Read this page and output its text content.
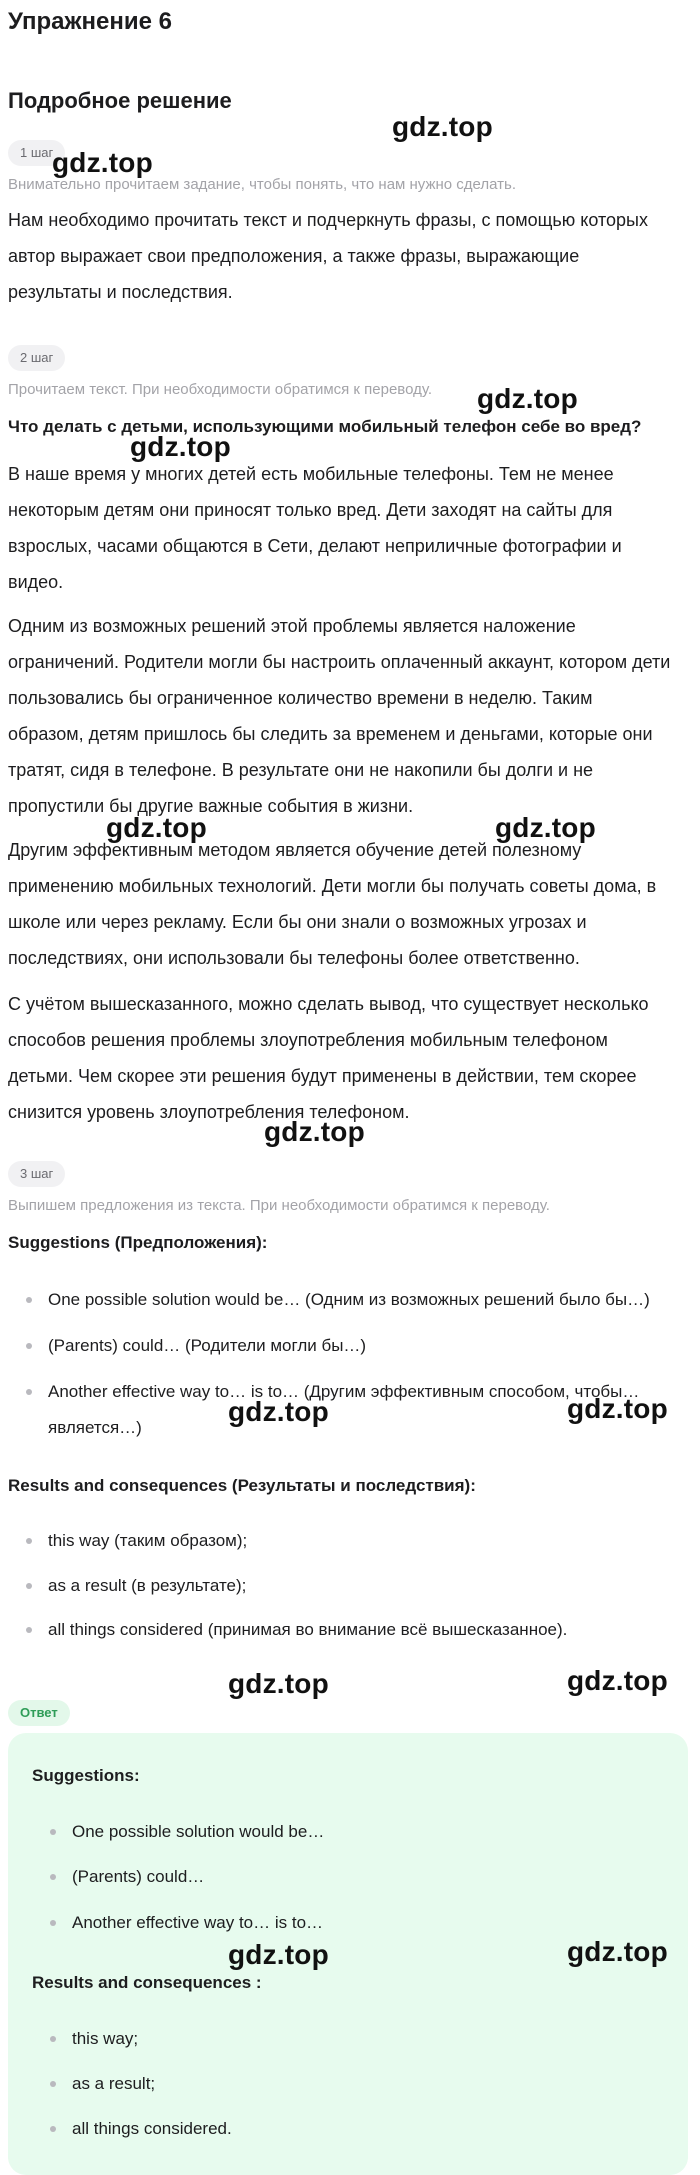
Упражнение 6
Подробное решение
1 шаг
Внимательно прочитаем задание, чтобы понять, что нам нужно сделать.

Нам необходимо прочитать текст и подчеркнуть фразы, с помощью которых автор выражает свои предположения, а также фразы, выражающие результаты и последствия.

2 шаг
Прочитаем текст. При необходимости обратимся к переводу.
Что делать с детьми, использующими мобильный телефон себе во вред?

В наше время у многих детей есть мобильные телефоны. Тем не менее некоторым детям они приносят только вред. Дети заходят на сайты для взрослых, часами общаются в Сети, делают неприличные фотографии и видео.

Одним из возможных решений этой проблемы является наложение ограничений. Родители могли бы настроить оплаченный аккаунт, котором дети пользовались бы ограниченное количество времени в неделю. Таким образом, детям пришлось бы следить за временем и деньгами, которые они тратят, сидя в телефоне. В результате они не накопили бы долги и не пропустили бы другие важные события в жизни.

Другим эффективным методом является обучение детей полезному применению мобильных технологий. Дети могли бы получать советы дома, в школе или через рекламу. Если бы они знали о возможных угрозах и последствиях, они использовали бы телефоны более ответственно.

С учётом вышесказанного, можно сделать вывод, что существует несколько способов решения проблемы злоупотребления мобильным телефоном детьми. Чем скорее эти решения будут применены в действии, тем скорее снизится уровень злоупотребления телефоном.

3 шаг
Выпишем предложения из текста. При необходимости обратимся к переводу.
Suggestions (Предположения):
One possible solution would be… (Одним из возможных решений было бы…)
(Parents) could… (Родители могли бы…)
Another effective way to… is to… (Другим эффективным способом, чтобы… является…)
Results and consequences (Результаты и последствия):
this way (таким образом);
as a result (в результате);
all things considered (принимая во внимание всё вышесказанное).
Ответ
Suggestions:
One possible solution would be…
(Parents) could…
Another effective way to… is to…
Results and consequences :
this way;
as a result;
all things considered.
gdz.top
gdz.top
gdz.top
gdz.top
gdz.top	gdz.top
gdz.top
gdz.top	gdz.top
gdz.top	gdz.top
gdz.top	gdz.top
